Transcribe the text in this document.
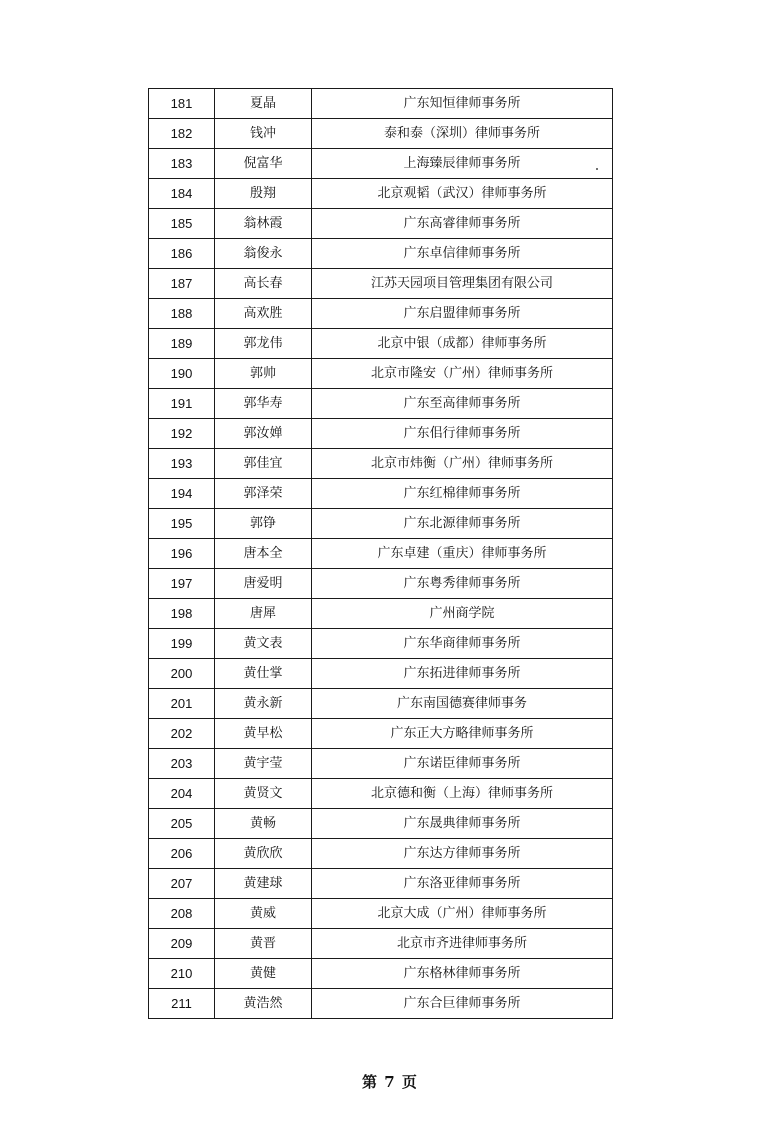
181	夏晶	广东知恒律师事务所
182	钱冲	泰和泰（深圳）律师事务所
183	倪富华	上海臻辰律师事务所
184	殷翔	北京观韬（武汉）律师事务所
185	翁林霞	广东高睿律师事务所
186	翁俊永	广东卓信律师事务所
187	高长春	江苏天园项目管理集团有限公司
188	高欢胜	广东启盟律师事务所
189	郭龙伟	北京中银（成都）律师事务所
190	郭帅	北京市隆安（广州）律师事务所
191	郭华寿	广东至高律师事务所
192	郭汝婵	广东佀行律师事务所
193	郭佳宜	北京市炜衡（广州）律师事务所
194	郭泽荣	广东红棉律师事务所
195	郭铮	广东北源律师事务所
196	唐本全	广东卓建（重庆）律师事务所
197	唐爱明	广东粤秀律师事务所
198	唐犀	广州商学院
199	黄文表	广东华商律师事务所
200	黄仕掌	广东拓进律师事务所
201	黄永新	广东南国德赛律师事务
202	黄早松	广东正大方略律师事务所
203	黄宇莹	广东诺臣律师事务所
204	黄贤文	北京德和衡（上海）律师事务所
205	黄畅	广东晟典律师事务所
206	黄欣欣	广东达方律师事务所
207	黄建球	广东洛亚律师事务所
208	黄威	北京大成（广州）律师事务所
209	黄晋	北京市齐进律师事务所
210	黄健	广东格林律师事务所
211	黄浩然	广东合巨律师事务所
第 7 页
